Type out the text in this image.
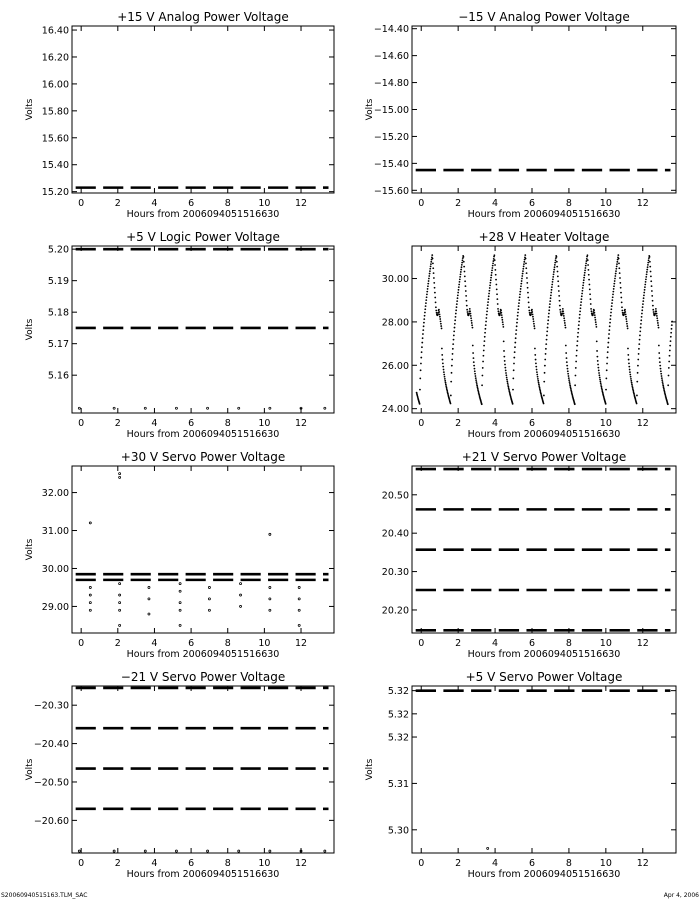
+15 V Analog Power Voltage
Volts
Hours from 2006094051516630
0	2	4	6	8	10	12
15.20
15.40
15.60
15.80
16.00
16.20
16.40
−15 V Analog Power Voltage
Volts
Hours from 2006094051516630
0	2	4	6	8	10	12
−15.60
−15.40
−15.20
−15.00
−14.80
−14.60
−14.40
+5 V Logic Power Voltage
Volts
Hours from 2006094051516630
0	2	4	6	8	10	12
5.16
5.17
5.18
5.19
5.20
+28 V Heater Voltage
Hours from 2006094051516630
0	2	4	6	8	10	12
24.00
26.00
28.00
30.00
+30 V Servo Power Voltage
Volts
Hours from 2006094051516630
0	2	4	6	8	10	12
29.00
30.00
31.00
32.00
+21 V Servo Power Voltage
Hours from 2006094051516630
0	2	4	6	8	10	12
20.20
20.30
20.40
20.50
−21 V Servo Power Voltage
Volts
Hours from 2006094051516630
0	2	4	6	8	10	12
−20.60
−20.50
−20.40
−20.30
+5 V Servo Power Voltage
Volts
Hours from 2006094051516630
0	2	4	6	8	10	12
5.30
5.31
5.32
5.32
5.32
S20060940515163.TLM_SAC	Apr 4, 2006
